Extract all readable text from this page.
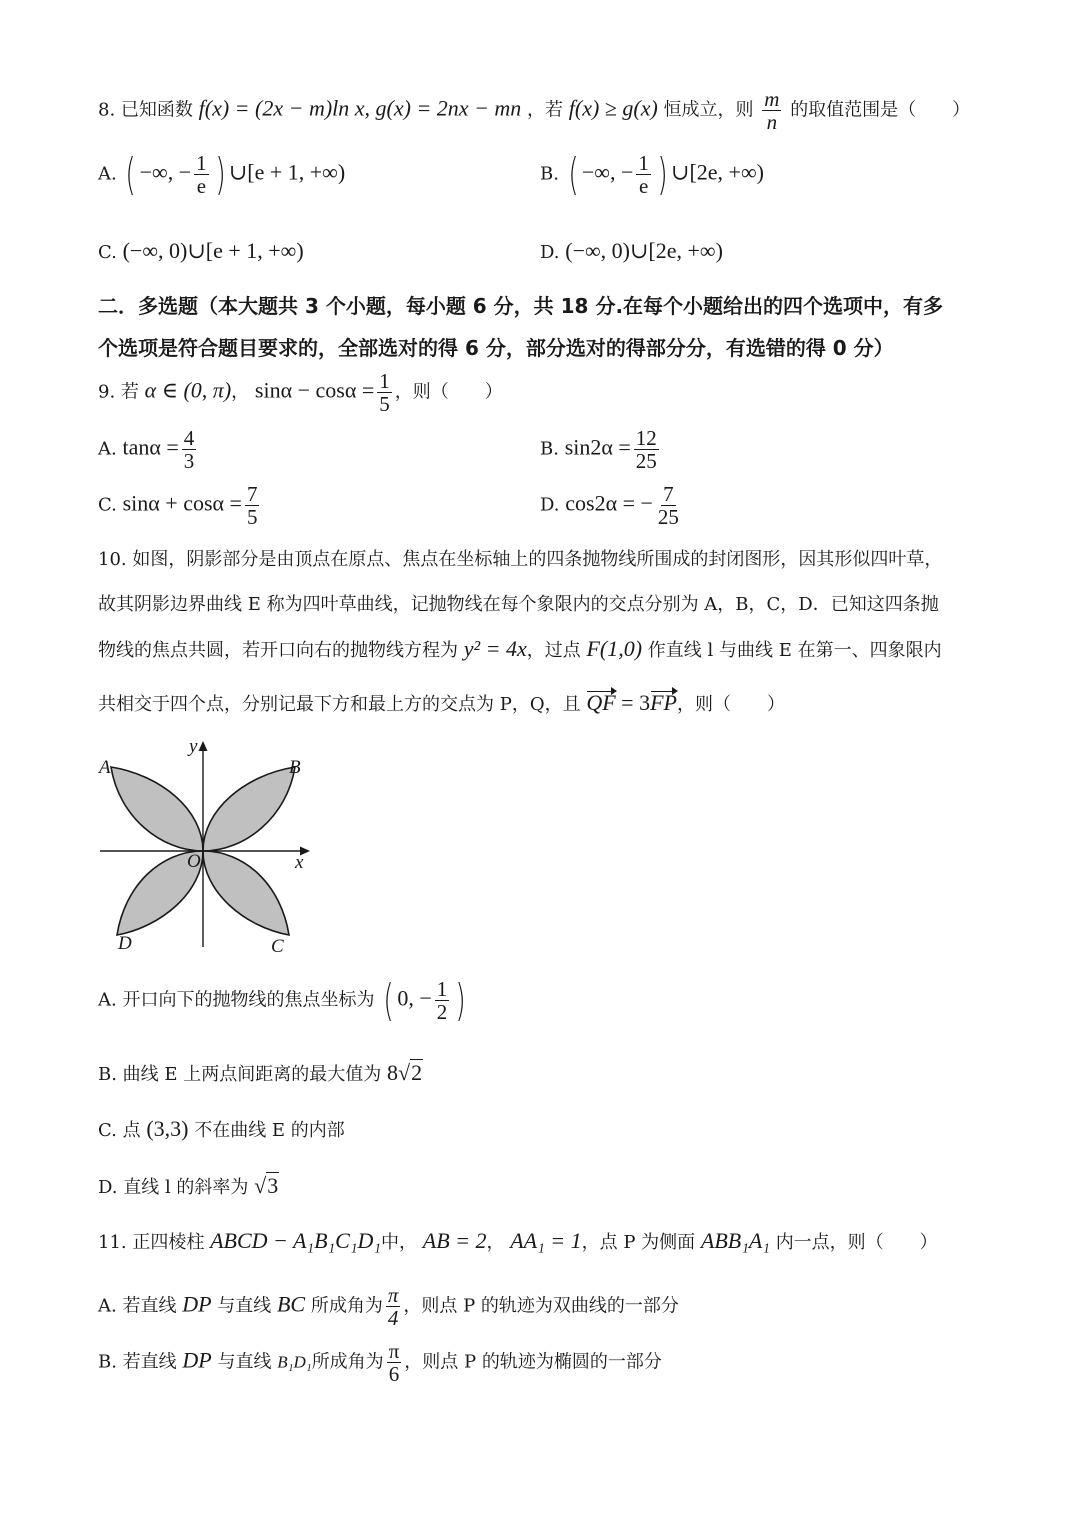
8. 已知函数 f(x) = (2x − m)ln x, g(x) = 2nx − mn ，若 f(x) ≥ g(x) 恒成立，则 $\frac{m}{n}$ 的取值范围是（　　）
A. ( −∞, − $\frac{1}{e}$ ) ∪[e + 1, +∞)	B. ( −∞, − $\frac{1}{e}$ ) ∪[2e, +∞)
C. (−∞, 0)∪[e + 1, +∞)	D. (−∞, 0)∪[2e, +∞)
二．多选题（本大题共 3 个小题，每小题 6 分，共 18 分.在每个小题给出的四个选项中，有多
个选项是符合题目要求的，全部选对的得 6 分，部分选对的得部分分，有选错的得 0 分）
9. 若 α ∈ (0, π)， $\sin\alpha - \cos\alpha = \frac{1}{5}$ ，则（　　）
A. $\tan\alpha = \frac{4}{3}$	B. $\sin 2\alpha = \frac{12}{25}$
C. $\sin\alpha + \cos\alpha = \frac{7}{5}$	D. cos2α = − $\frac{7}{25}$
10. 如图，阴影部分是由顶点在原点、焦点在坐标轴上的四条抛物线所围成的封闭图形，因其形似四叶草，
故其阴影边界曲线 E 称为四叶草曲线，记抛物线在每个象限内的交点分别为 A，B，C，D．已知这四条抛
物线的焦点共圆，若开口向右的抛物线方程为 y² = 4x，过点 F(1,0) 作直线 l 与曲线 E 在第一、四象限内
共相交于四个点，分别记最下方和最上方的交点为 P，Q，且 QF = 3FP，则（　　）
A	B
C
D
O	x
y
A. 开口向下的抛物线的焦点坐标为 ( 0, − $\frac{1}{2}$ )
B. 曲线 E 上两点间距离的最大值为 8√2
C. 点 (3,3) 不在曲线 E 的内部
D. 直线 l 的斜率为 √3
11. 正四棱柱 ABCD − A₁B₁C₁D₁中， AB = 2， AA₁ = 1，点 P 为侧面 ABB₁A₁ 内一点，则（　　）
A. 若直线 DP 与直线 BC 所成角为 $\frac{\pi}{4}$ ，则点 P 的轨迹为双曲线的一部分
B. 若直线 DP 与直线 B₁D₁所成角为 $\frac{\pi}{6}$ ，则点 P 的轨迹为椭圆的一部分
